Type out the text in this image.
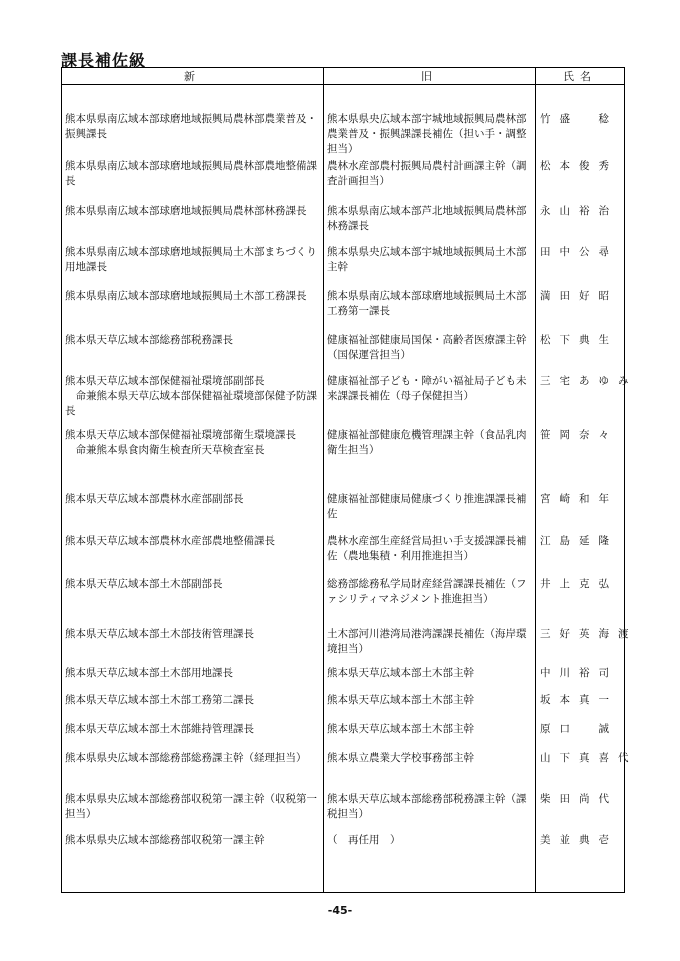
課長補佐級
新	旧	氏名

熊本県県南広域本部球磨地域振興局農林部農業普及・振興課長	熊本県県央広域本部宇城地域振興局農林部農業普及・振興課課長補佐（担い手・調整担当）	竹盛　稔

熊本県県南広域本部球磨地域振興局農林部農地整備課長	農林水産部農村振興局農村計画課主幹（調査計画担当）	松本俊秀

熊本県県南広域本部球磨地域振興局農林部林務課長	熊本県県南広域本部芦北地域振興局農林部林務課長	永山裕治

熊本県県南広域本部球磨地域振興局土木部まちづくり用地課長	熊本県県央広域本部宇城地域振興局土木部主幹	田中公尋

熊本県県南広域本部球磨地域振興局土木部工務課長	熊本県県南広域本部球磨地域振興局土木部工務第一課長	満田好昭

熊本県天草広域本部総務部税務課長	健康福祉部健康局国保・高齢者医療課主幹（国保運営担当）	松下典生

熊本県天草広域本部保健福祉環境部副部長
　命兼熊本県天草広域本部保健福祉環境部保健予防課長	健康福祉部子ども・障がい福祉局子ども未来課課長補佐（母子保健担当）	三宅あゆみ

熊本県天草広域本部保健福祉環境部衛生環境課長
　命兼熊本県食肉衛生検査所天草検査室長	健康福祉部健康危機管理課主幹（食品乳肉衛生担当）	笹岡奈々

熊本県天草広域本部農林水産部副部長	健康福祉部健康局健康づくり推進課課長補佐	宮崎和年

熊本県天草広域本部農林水産部農地整備課長	農林水産部生産経営局担い手支援課課長補佐（農地集積・利用推進担当）	江島延隆

熊本県天草広域本部土木部副部長	総務部総務私学局財産経営課課長補佐（ファシリティマネジメント推進担当）	井上克弘

熊本県天草広域本部土木部技術管理課長	土木部河川港湾局港湾課課長補佐（海岸環境担当）	三好英海渡

熊本県天草広域本部土木部用地課長	熊本県天草広域本部土木部主幹	中川裕司

熊本県天草広域本部土木部工務第二課長	熊本県天草広域本部土木部主幹	坂本真一

熊本県天草広域本部土木部維持管理課長	熊本県天草広域本部土木部主幹	原口　誠

熊本県県央広域本部総務部総務課主幹（経理担当）	熊本県立農業大学校事務部主幹	山下真喜代

熊本県県央広域本部総務部収税第一課主幹（収税第一担当）	熊本県天草広域本部総務部税務課主幹（課税担当）	柴田尚代

熊本県県央広域本部総務部収税第一課主幹	（　再任用　）	美並典壱
-45-
